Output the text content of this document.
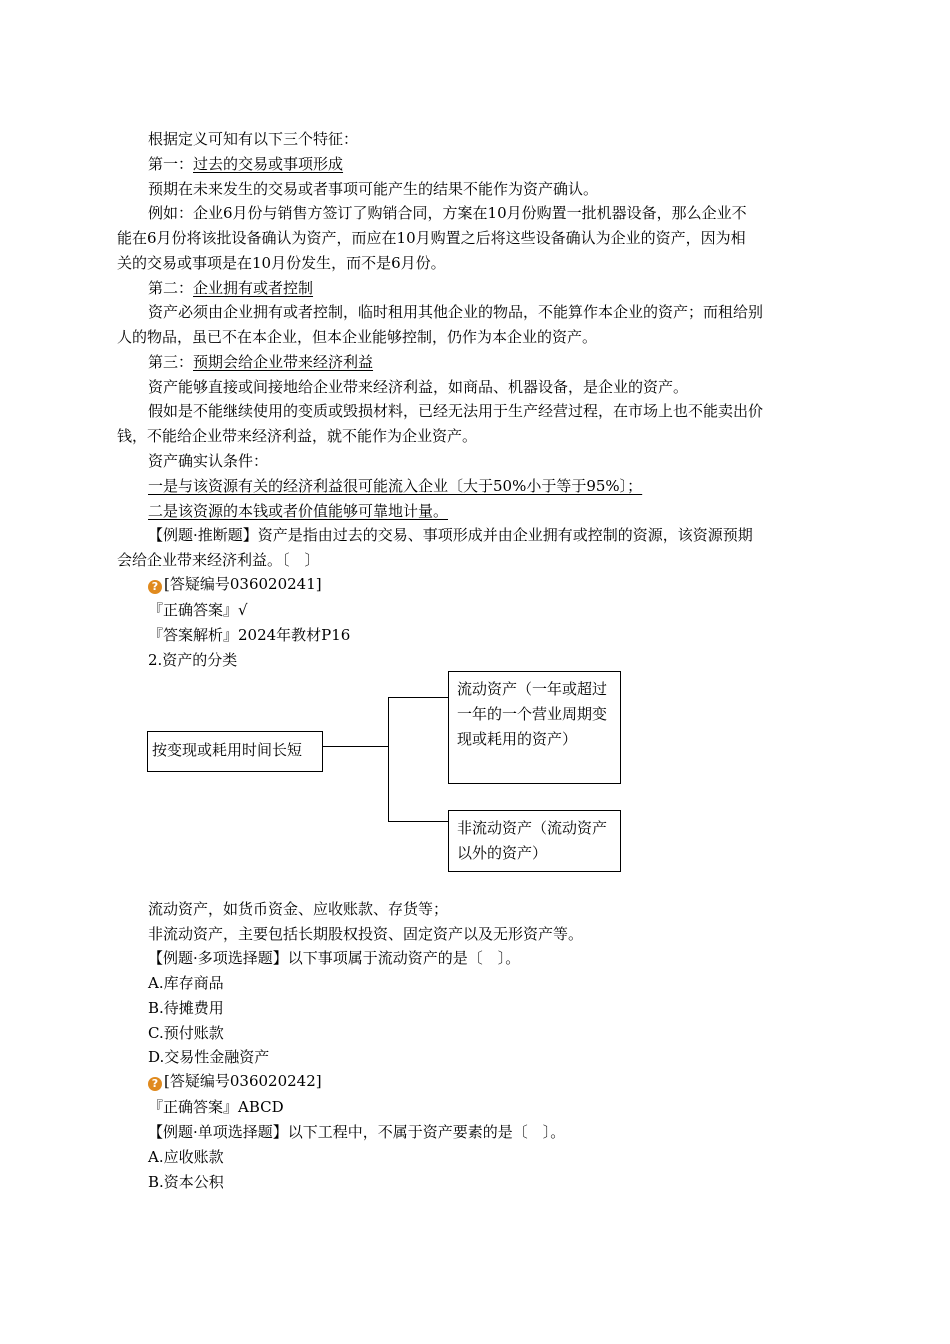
根据定义可知有以下三个特征：
第一：过去的交易或事项形成
预期在未来发生的交易或者事项可能产生的结果不能作为资产确认。
例如：企业6月份与销售方签订了购销合同，方案在10月份购置一批机器设备，那么企业不
能在6月份将该批设备确认为资产，而应在10月购置之后将这些设备确认为企业的资产，因为相
关的交易或事项是在10月份发生，而不是6月份。
第二：企业拥有或者控制
资产必须由企业拥有或者控制，临时租用其他企业的物品，不能算作本企业的资产；而租给别
人的物品，虽已不在本企业，但本企业能够控制，仍作为本企业的资产。
第三：预期会给企业带来经济利益
资产能够直接或间接地给企业带来经济利益，如商品、机器设备，是企业的资产。
假如是不能继续使用的变质或毁损材料，已经无法用于生产经营过程，在市场上也不能卖出价
钱，不能给企业带来经济利益，就不能作为企业资产。
资产确实认条件：
一是与该资源有关的经济利益很可能流入企业〔大于50%小于等于95%〕；
二是该资源的本钱或者价值能够可靠地计量。
【例题·推断题】资产是指由过去的交易、事项形成并由企业拥有或控制的资源，该资源预期
会给企业带来经济利益。〔　〕
? [答疑编号036020241]
『正确答案』√
『答案解析』2024年教材P16
2.资产的分类
按变现或耗用时间长短
流动资产（一年或超过一年的一个营业周期变现或耗用的资产）
非流动资产（流动资产以外的资产）
流动资产，如货币资金、应收账款、存货等；
非流动资产，主要包括长期股权投资、固定资产以及无形资产等。
【例题·多项选择题】以下事项属于流动资产的是〔　〕。
A.库存商品
B.待摊费用
C.预付账款
D.交易性金融资产
? [答疑编号036020242]
『正确答案』ABCD
【例题·单项选择题】以下工程中，不属于资产要素的是〔　〕。
A.应收账款
B.资本公积
